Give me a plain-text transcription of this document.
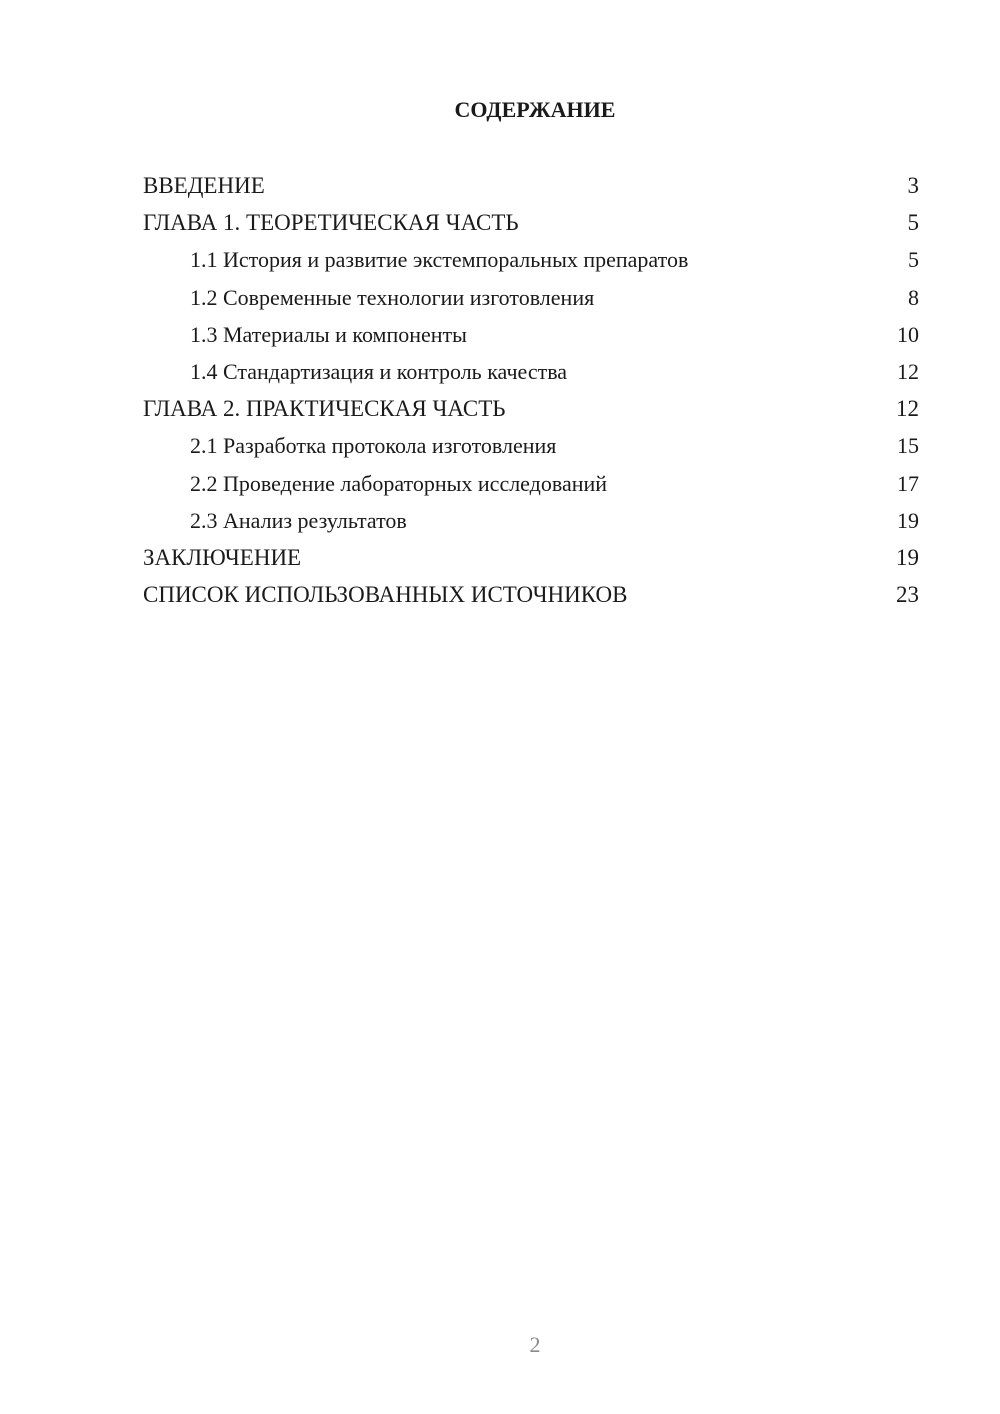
СОДЕРЖАНИЕ
ВВЕДЕНИЕ	3
ГЛАВА 1. ТЕОРЕТИЧЕСКАЯ ЧАСТЬ	5
1.1 История и развитие экстемпоральных препаратов	5
1.2 Современные технологии изготовления	8
1.3 Материалы и компоненты	10
1.4 Стандартизация и контроль качества	12
ГЛАВА 2. ПРАКТИЧЕСКАЯ ЧАСТЬ	12
2.1 Разработка протокола изготовления	15
2.2 Проведение лабораторных исследований	17
2.3 Анализ результатов	19
ЗАКЛЮЧЕНИЕ	19
СПИСОК ИСПОЛЬЗОВАННЫХ ИСТОЧНИКОВ	23
2
